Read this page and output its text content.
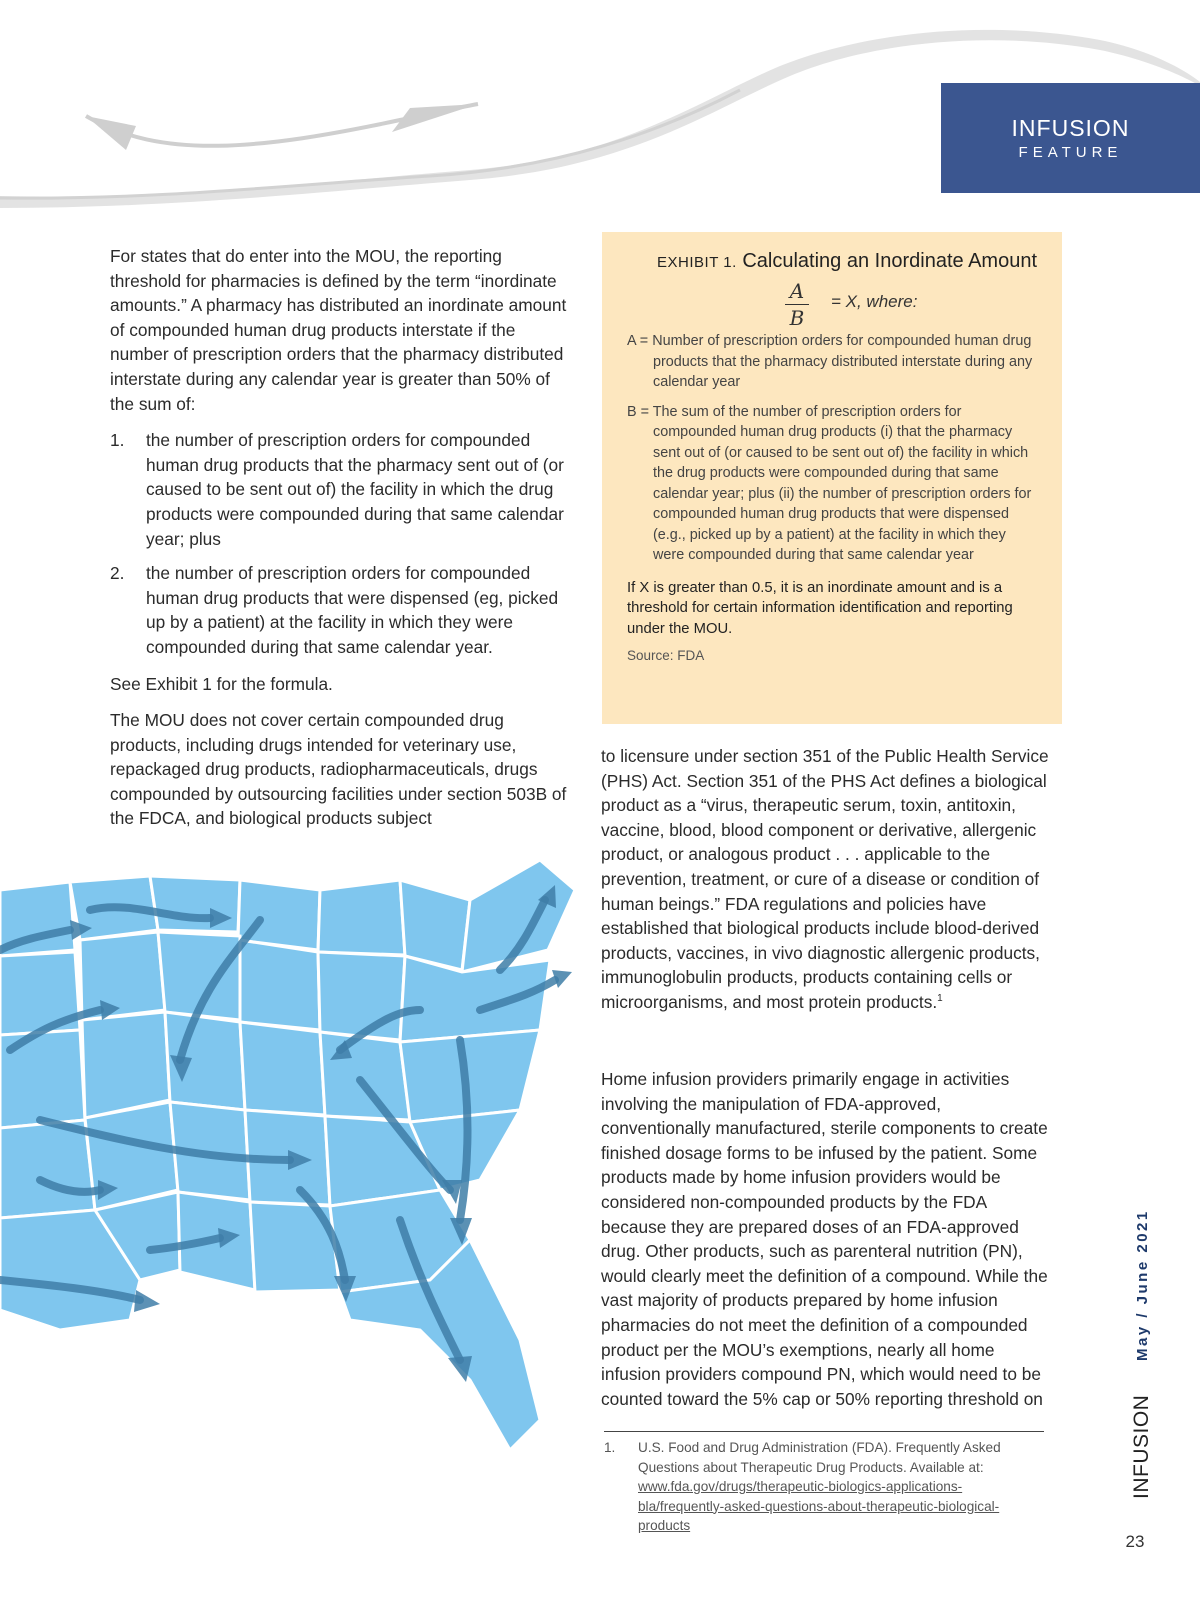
INFUSION
FEATURE

For states that do enter into the MOU, the reporting threshold for pharmacies is defined by the term “inordinate amounts.” A pharmacy has distributed an inordinate amount of compounded human drug products interstate if the number of prescription orders that the pharmacy distributed interstate during any calendar year is greater than 50% of the sum of:

1. the number of prescription orders for compounded human drug products that the pharmacy sent out of (or caused to be sent out of) the facility in which the drug products were compounded during that same calendar year; plus
2. the number of prescription orders for compounded human drug products that were dispensed (eg, picked up by a patient) at the facility in which they were compounded during that same calendar year.

See Exhibit 1 for the formula.

The MOU does not cover certain compounded drug products, including drugs intended for veterinary use, repackaged drug products, radiopharmaceuticals, drugs compounded by outsourcing facilities under section 503B of the FDCA, and biological products subject

EXHIBIT 1. Calculating an Inordinate Amount

A
B
= X, where:

A = Number of prescription orders for compounded human drug products that the pharmacy distributed interstate during any calendar year

B = The sum of the number of prescription orders for compounded human drug products (i) that the pharmacy sent out of (or caused to be sent out of) the facility in which the drug products were compounded during that same calendar year; plus (ii) the number of prescription orders for compounded human drug products that were dispensed (e.g., picked up by a patient) at the facility in which they were compounded during that same calendar year

If X is greater than 0.5, it is an inordinate amount and is a threshold for certain information identification and reporting under the MOU.

Source: FDA

to licensure under section 351 of the Public Health Service (PHS) Act. Section 351 of the PHS Act defines a biological product as a “virus, therapeutic serum, toxin, antitoxin, vaccine, blood, blood component or derivative, allergenic product, or analogous product . . . applicable to the prevention, treatment, or cure of a disease or condition of human beings.” FDA regulations and policies have established that biological products include blood-derived products, vaccines, in vivo diagnostic allergenic products, immunoglobulin products, products containing cells or microorganisms, and most protein products.$^1$

Home infusion providers primarily engage in activities involving the manipulation of FDA-approved, conventionally manufactured, sterile components to create finished dosage forms to be infused by the patient. Some products made by home infusion providers would be considered non-compounded products by the FDA because they are prepared doses of an FDA-approved drug. Other products, such as parenteral nutrition (PN), would clearly meet the definition of a compound. While the vast majority of products prepared by home infusion pharmacies do not meet the definition of a compounded product per the MOU’s exemptions, nearly all home infusion providers compound PN, which would need to be counted toward the 5% cap or 50% reporting threshold on

1. U.S. Food and Drug Administration (FDA). Frequently Asked Questions about Therapeutic Drug Products. Available at: www.fda.gov/drugs/therapeutic-biologics-applications-bla/frequently-asked-questions-about-therapeutic-biological-products
May / June 2021
INFUSION
23
